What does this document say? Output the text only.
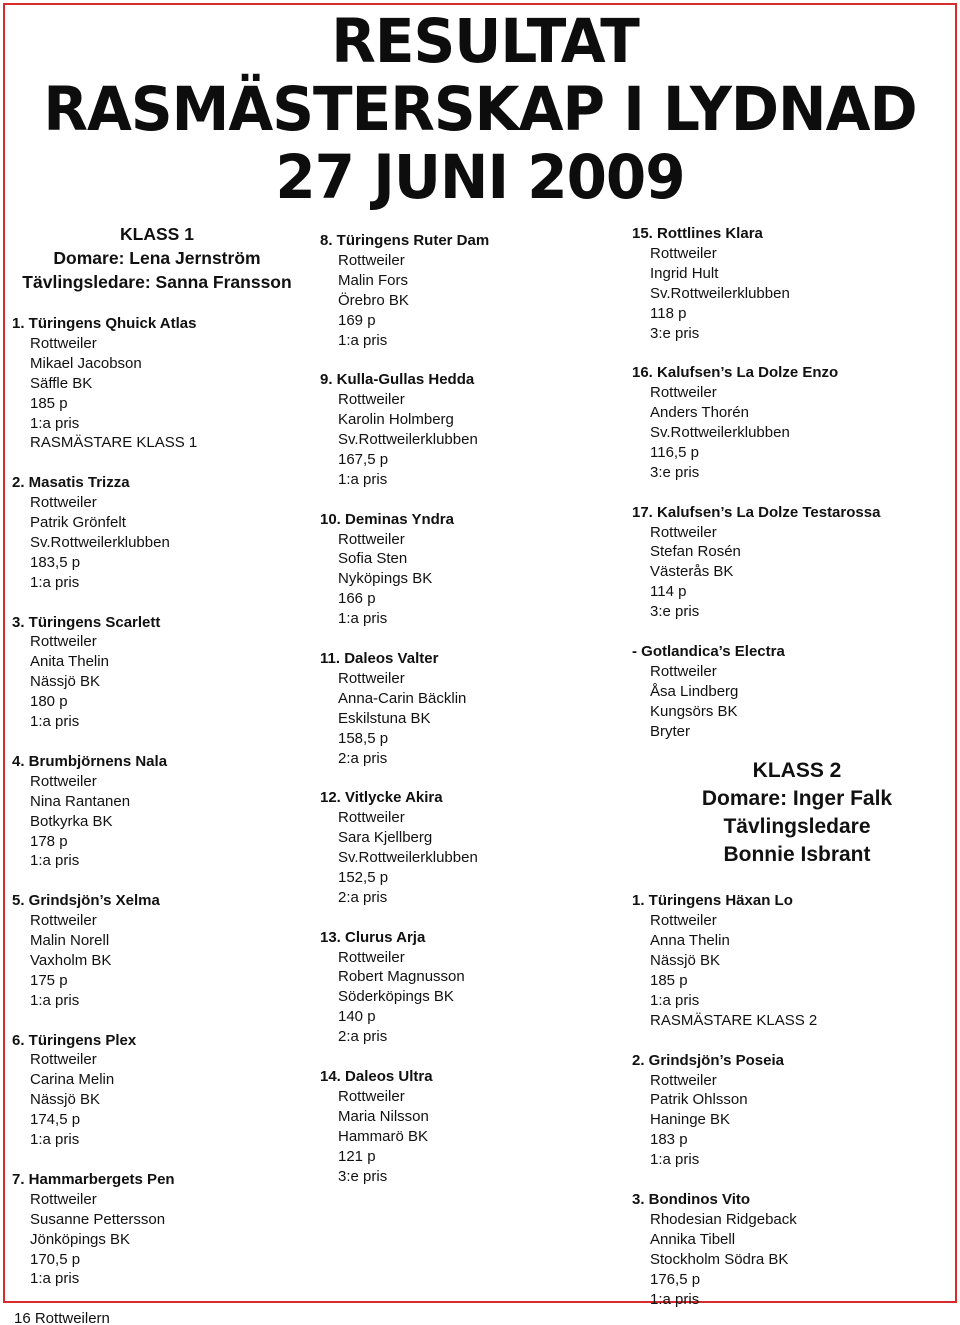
RESULTAT
RASMÄSTERSKAP I LYDNAD
27 JUNI 2009
KLASS 1
Domare: Lena Jernström
Tävlingsledare: Sanna Fransson
1. Türingens Qhuick Atlas
Rottweiler
Mikael Jacobson
Säffle BK
185 p
1:a pris
RASMÄSTARE KLASS 1
2. Masatis Trizza
Rottweiler
Patrik Grönfelt
Sv.Rottweilerklubben
183,5 p
1:a pris
3. Türingens Scarlett
Rottweiler
Anita Thelin
Nässjö BK
180 p
1:a pris
4. Brumbjörnens Nala
Rottweiler
Nina Rantanen
Botkyrka BK
178 p
1:a pris
5. Grindsjön’s Xelma
Rottweiler
Malin Norell
Vaxholm BK
175 p
1:a pris
6. Türingens Plex
Rottweiler
Carina Melin
Nässjö BK
174,5 p
1:a pris
7. Hammarbergets Pen
Rottweiler
Susanne Pettersson
Jönköpings BK
170,5 p
1:a pris
8. Türingens Ruter Dam
Rottweiler
Malin Fors
Örebro BK
169 p
1:a pris
9. Kulla-Gullas Hedda
Rottweiler
Karolin Holmberg
Sv.Rottweilerklubben
167,5 p
1:a pris
10. Deminas Yndra
Rottweiler
Sofia Sten
Nyköpings BK
166 p
1:a pris
11. Daleos Valter
Rottweiler
Anna-Carin Bäcklin
Eskilstuna BK
158,5 p
2:a pris
12. Vitlycke Akira
Rottweiler
Sara Kjellberg
Sv.Rottweilerklubben
152,5 p
2:a pris
13. Clurus Arja
Rottweiler
Robert Magnusson
Söderköpings BK
140 p
2:a pris
14. Daleos Ultra
Rottweiler
Maria Nilsson
Hammarö BK
121 p
3:e pris
15. Rottlines Klara
Rottweiler
Ingrid Hult
Sv.Rottweilerklubben
118 p
3:e pris
16. Kalufsen’s La Dolze Enzo
Rottweiler
Anders Thorén
Sv.Rottweilerklubben
116,5 p
3:e pris
17. Kalufsen’s La Dolze Testarossa
Rottweiler
Stefan Rosén
Västerås BK
114 p
3:e pris
- Gotlandica’s Electra
Rottweiler
Åsa Lindberg
Kungsörs BK
Bryter
KLASS 2
Domare: Inger Falk
Tävlingsledare
Bonnie Isbrant
1. Türingens Häxan Lo
Rottweiler
Anna Thelin
Nässjö BK
185 p
1:a pris
RASMÄSTARE KLASS 2
2. Grindsjön’s Poseia
Rottweiler
Patrik Ohlsson
Haninge BK
183 p
1:a pris
3. Bondinos Vito
Rhodesian Ridgeback
Annika Tibell
Stockholm Södra BK
176,5 p
1:a pris
16 Rottweilern
